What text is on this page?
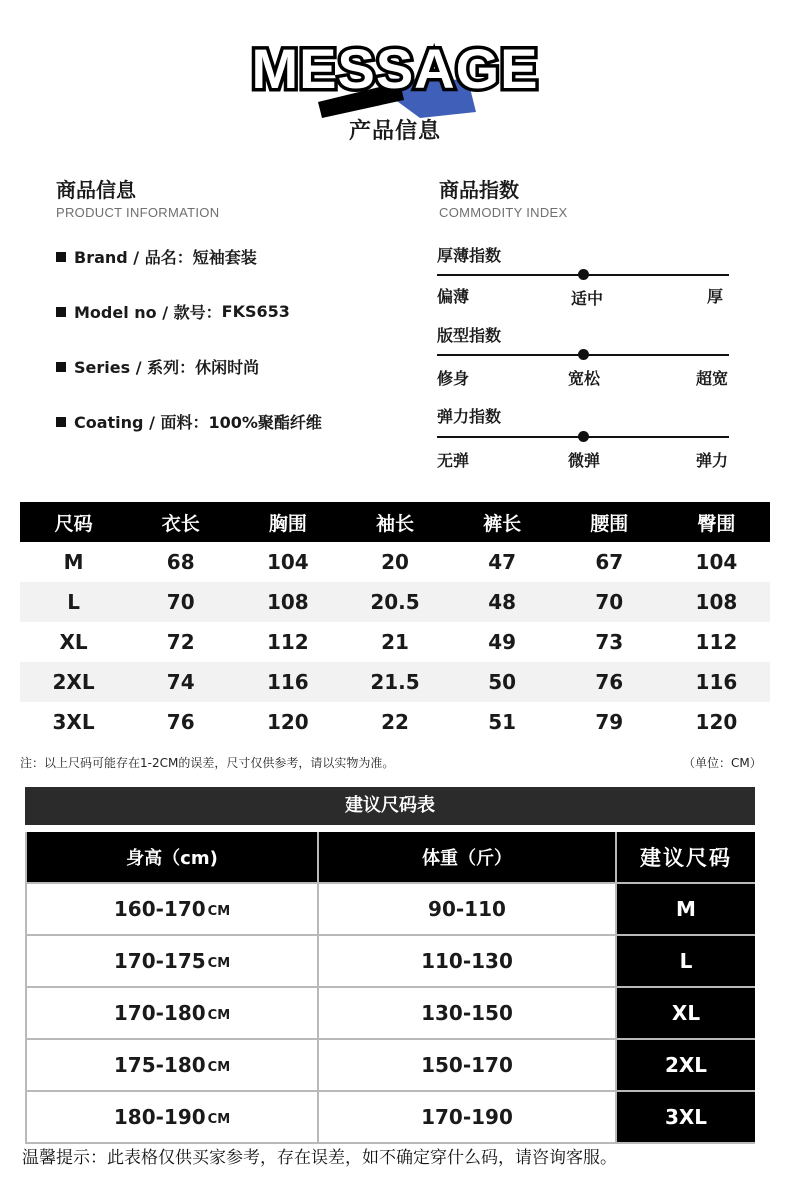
MESSAGE
产品信息
商品信息
PRODUCT INFORMATION
Brand / 品名： 短袖套装
Model no / 款号： FKS653
Series / 系列： 休闲时尚
Coating / 面料： 100%聚酯纤维
商品指数
COMMODITY INDEX
厚薄指数
偏薄	适中	厚
版型指数
修身	宽松	超宽
弹力指数
无弹	微弹	弹力
尺码	衣长	胸围	袖长	裤长	腰围	臀围
M	68	104	20	47	67	104
L	70	108	20.5	48	70	108
XL	72	112	21	49	73	112
2XL	74	116	21.5	50	76	116
3XL	76	120	22	51	79	120
注：以上尺码可能存在1-2CM的误差，尺寸仅供参考，请以实物为准。	（单位：CM）
建议尺码表
身高（cm)	体重（斤）	建议尺码
160-170 CM	90-110	M
170-175 CM	110-130	L
170-180 CM	130-150	XL
175-180 CM	150-170	2XL
180-190 CM	170-190	3XL
温馨提示：此表格仅供买家参考，存在误差，如不确定穿什么码，请咨询客服。
